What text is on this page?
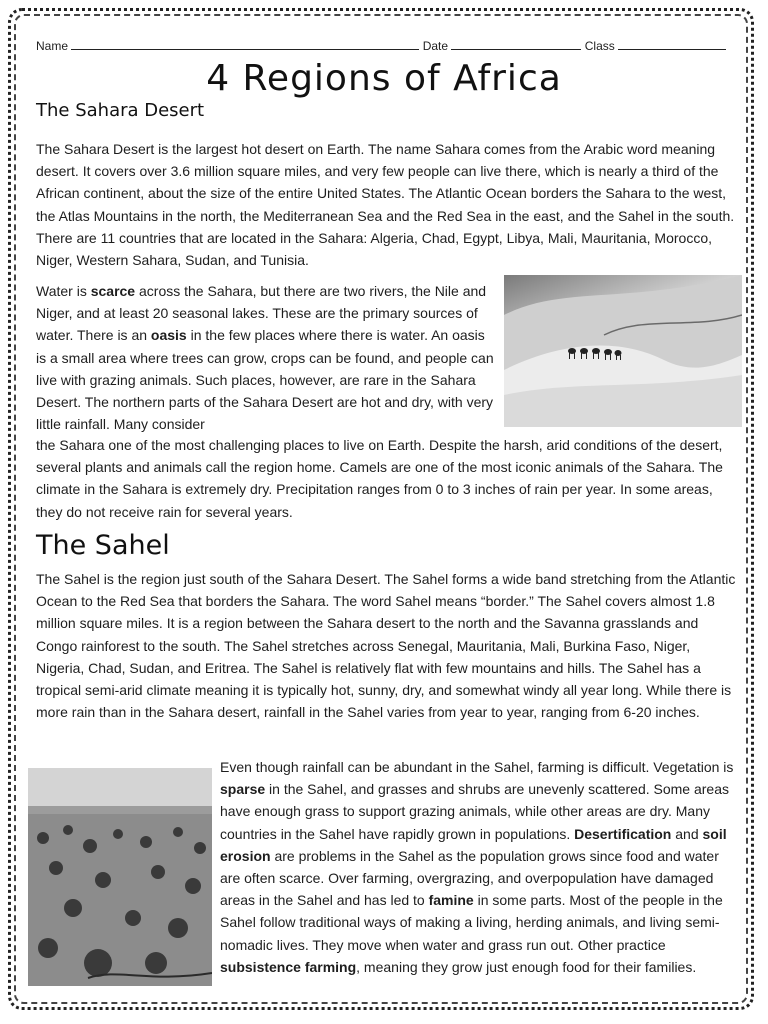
Name	Date	Class
4 Regions of Africa
The Sahara Desert
The Sahara Desert is the largest hot desert on Earth. The name Sahara comes from the Arabic word meaning desert. It covers over 3.6 million square miles, and very few people can live there, which is nearly a third of the African continent, about the size of the entire United States. The Atlantic Ocean borders the Sahara to the west, the Atlas Mountains in the north, the Mediterranean Sea and the Red Sea in the east, and the Sahel in the south. There are 11 countries that are located in the Sahara: Algeria, Chad, Egypt, Libya, Mali, Mauritania, Morocco, Niger, Western Sahara, Sudan, and Tunisia.
Water is scarce across the Sahara, but there are two rivers, the Nile and Niger, and at least 20 seasonal lakes. These are the primary sources of water. There is an oasis in the few places where there is water. An oasis is a small area where trees can grow, crops can be found, and people can live with grazing animals. Such places, however, are rare in the Sahara Desert. The northern parts of the Sahara Desert are hot and dry, with very little rainfall. Many consider
the Sahara one of the most challenging places to live on Earth. Despite the harsh, arid conditions of the desert, several plants and animals call the region home. Camels are one of the most iconic animals of the Sahara. The climate in the Sahara is extremely dry. Precipitation ranges from 0 to 3 inches of rain per year. In some areas, they do not receive rain for several years.
The Sahel
The Sahel is the region just south of the Sahara Desert. The Sahel forms a wide band stretching from the Atlantic Ocean to the Red Sea that borders the Sahara. The word Sahel means “border.” The Sahel covers almost 1.8 million square miles. It is a region between the Sahara desert to the north and the Savanna grasslands and Congo rainforest to the south. The Sahel stretches across Senegal, Mauritania, Mali, Burkina Faso, Niger, Nigeria, Chad, Sudan, and Eritrea. The Sahel is relatively flat with few mountains and hills. The Sahel has a tropical semi-arid climate meaning it is typically hot, sunny, dry, and somewhat windy all year long. While there is more rain than in the Sahara desert, rainfall in the Sahel varies from year to year, ranging from 6-20 inches.
Even though rainfall can be abundant in the Sahel, farming is difficult. Vegetation is sparse in the Sahel, and grasses and shrubs are unevenly scattered. Some areas have enough grass to support grazing animals, while other areas are dry. Many countries in the Sahel have rapidly grown in populations. Desertification and soil erosion are problems in the Sahel as the population grows since food and water are often scarce. Over farming, overgrazing, and overpopulation have damaged areas in the Sahel and has led to famine in some parts. Most of the people in the Sahel follow traditional ways of making a living, herding animals, and living semi-nomadic lives. They move when water and grass run out. Other practice subsistence farming, meaning they grow just enough food for their families.
